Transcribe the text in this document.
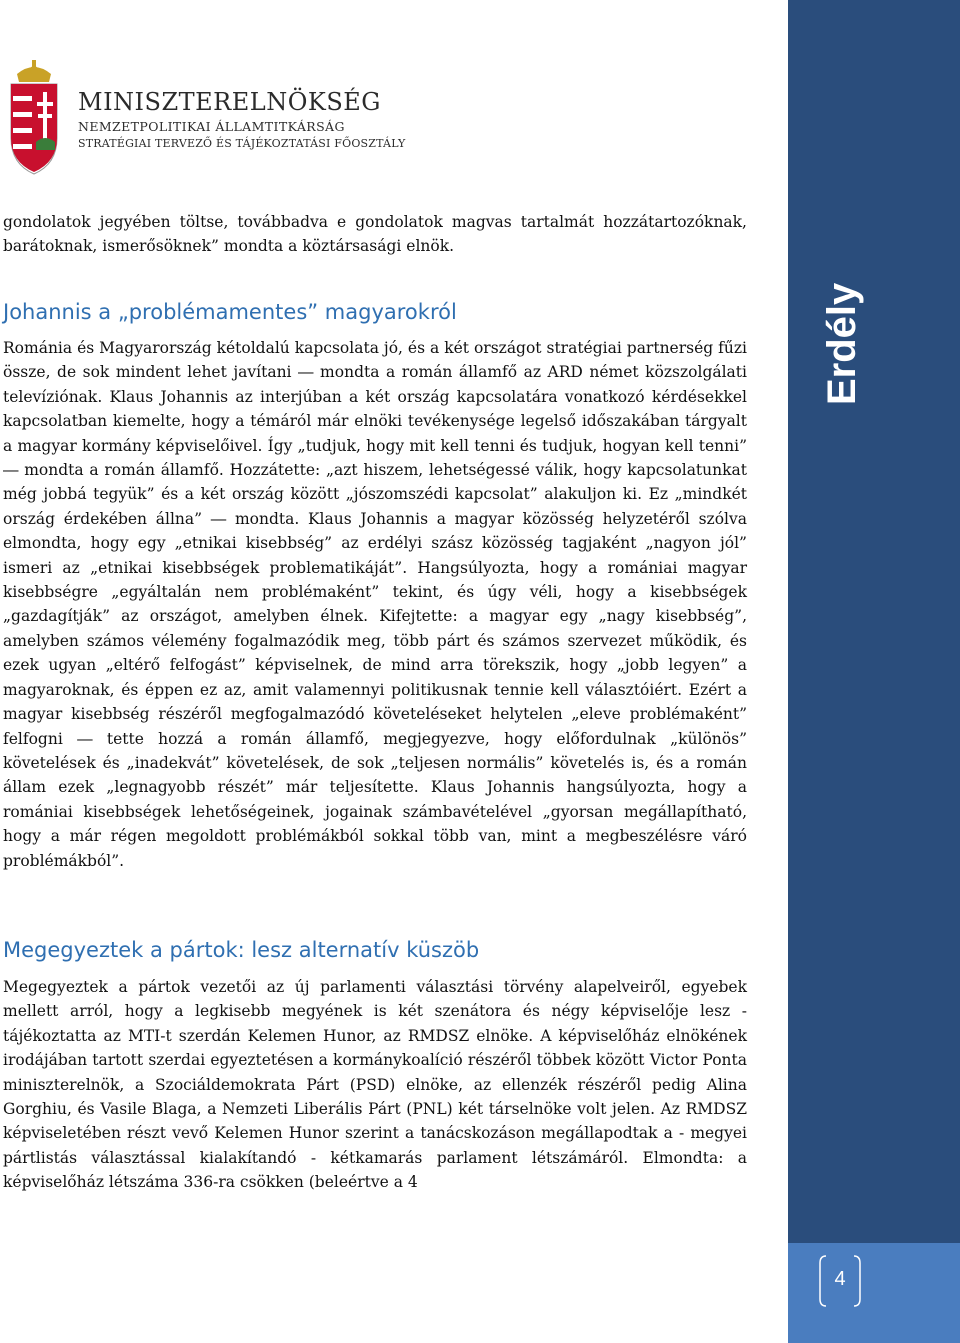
Erdély
4
MINISZTERELNÖKSÉG
NEMZETPOLITIKAI ÁLLAMTITKÁRSÁG
STRATÉGIAI TERVEZŐ ÉS TÁJÉKOZTATÁSI FŐOSZTÁLY

gondolatok jegyében töltse, továbbadva e gondolatok magvas tartalmát hozzátartozóknak, barátoknak, ismerősöknek” mondta a köztársasági elnök.

Johannis a „problémamentes” magyarokról

Románia és Magyarország kétoldalú kapcsolata jó, és a két országot stratégiai partnerség fűzi össze, de sok mindent lehet javítani ― mondta a román államfő az ARD német közszolgálati televíziónak. Klaus Johannis az interjúban a két ország kapcsolatára vonatkozó kérdésekkel kapcsolatban kiemelte, hogy a témáról már elnöki tevékenysége legelső időszakában tárgyalt a magyar kormány képviselőivel. Így „tudjuk, hogy mit kell tenni és tudjuk, hogyan kell tenni” ― mondta a román államfő. Hozzátette: „azt hiszem, lehetségessé válik, hogy kapcsolatunkat még jobbá tegyük” és a két ország között „jószomszédi kapcsolat” alakuljon ki. Ez „mindkét ország érdekében állna” ― mondta. Klaus Johannis a magyar közösség helyzetéről szólva elmondta, hogy egy „etnikai kisebbség” az erdélyi szász közösség tagjaként „nagyon jól” ismeri az „etnikai kisebbségek problematikáját”. Hangsúlyozta, hogy a romániai magyar kisebbségre „egyáltalán nem problémaként” tekint, és úgy véli, hogy a kisebbségek „gazdagítják” az országot, amelyben élnek. Kifejtette: a magyar egy „nagy kisebbség”, amelyben számos vélemény fogalmazódik meg, több párt és számos szervezet működik, és ezek ugyan „eltérő felfogást” képviselnek, de mind arra törekszik, hogy „jobb legyen” a magyaroknak, és éppen ez az, amit valamennyi politikusnak tennie kell választóiért. Ezért a magyar kisebbség részéről megfogalmazódó követeléseket helytelen „eleve problémaként” felfogni ― tette hozzá a román államfő, megjegyezve, hogy előfordulnak „különös” követelések és „inadekvát” követelések, de sok „teljesen normális” követelés is, és a román állam ezek „legnagyobb részét” már teljesítette. Klaus Johannis hangsúlyozta, hogy a romániai kisebbségek lehetőségeinek, jogainak számbavételével „gyorsan megállapítható, hogy a már régen megoldott problémákból sokkal több van, mint a megbeszélésre váró problémákból”.

Megegyeztek a pártok: lesz alternatív küszöb

Megegyeztek a pártok vezetői az új parlamenti választási törvény alapelveiről, egyebek mellett arról, hogy a legkisebb megyének is két szenátora és négy képviselője lesz - tájékoztatta az MTI-t szerdán Kelemen Hunor, az RMDSZ elnöke. A képviselőház elnökének irodájában tartott szerdai egyeztetésen a kormánykoalíció részéről többek között Victor Ponta miniszterelnök, a Szociáldemokrata Párt (PSD) elnöke, az ellenzék részéről pedig Alina Gorghiu, és Vasile Blaga, a Nemzeti Liberális Párt (PNL) két társelnöke volt jelen. Az RMDSZ képviseletében részt vevő Kelemen Hunor szerint a tanácskozáson megállapodtak a - megyei pártlistás választással kialakítandó - kétkamarás parlament létszámáról. Elmondta: a képviselőház létszáma 336-ra csökken (beleértve a 4
